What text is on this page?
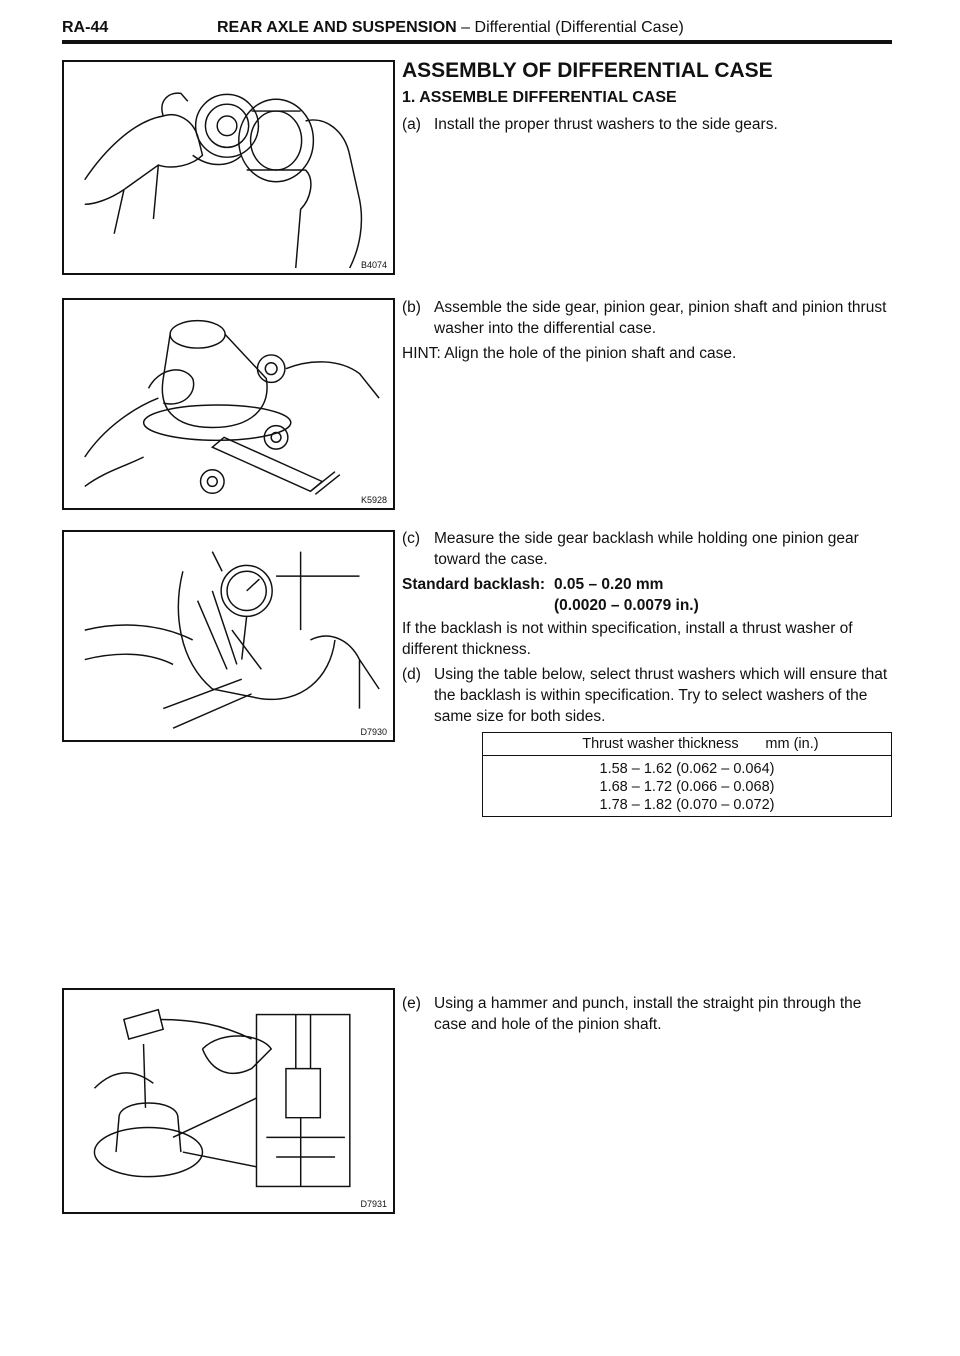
RA-44	REAR AXLE AND SUSPENSION – Differential (Differential Case)
B4074
K5928
D7930
D7931
ASSEMBLY OF DIFFERENTIAL CASE
1. ASSEMBLE DIFFERENTIAL CASE
(a) Install the proper thrust washers to the side gears.
(b) Assemble the side gear, pinion gear, pinion shaft and pinion thrust washer into the differential case.
HINT: Align the hole of the pinion shaft and case.
(c) Measure the side gear backlash while holding one pinion gear toward the case.
Standard backlash: 0.05 – 0.20 mm
(0.0020 – 0.0079 in.)
If the backlash is not within specification, install a thrust washer of different thickness.
(d) Using the table below, select thrust washers which will ensure that the backlash is within specification. Try to select washers of the same size for both sides.
Thrust washer thickness mm (in.)

1.58 – 1.62 (0.062 – 0.064)
1.68 – 1.72 (0.066 – 0.068)
1.78 – 1.82 (0.070 – 0.072)
(e) Using a hammer and punch, install the straight pin through the case and hole of the pinion shaft.
